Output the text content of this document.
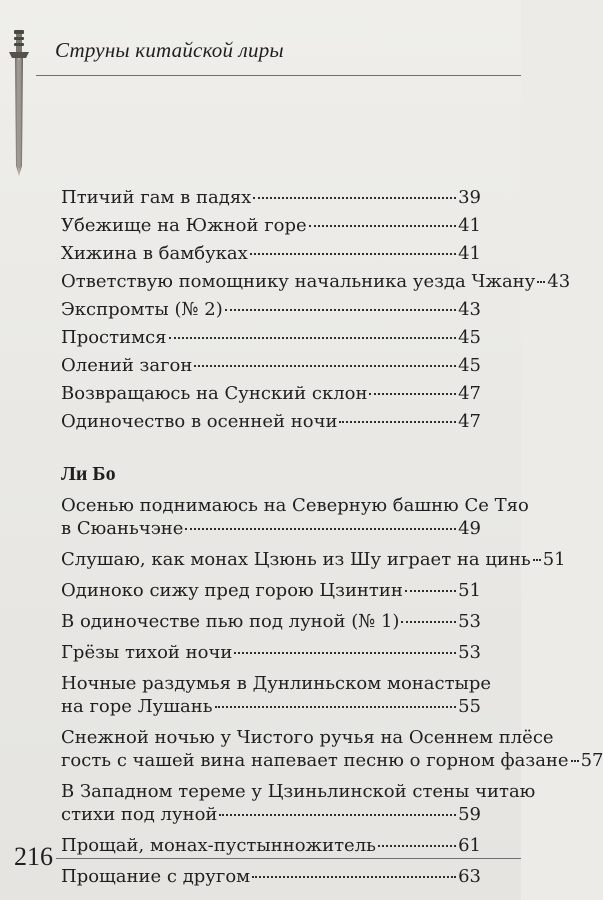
Струны китайской лиры
Птичий гам в падях	39
Убежище на Южной горе	41
Хижина в бамбуках	41
Ответствую помощнику начальника уезда Чжану 43
Экспромты (№ 2)	43
Простимся	45
Олений загон	45
Возвращаюсь на Сунский склон	47
Одиночество в осенней ночи	47
Ли Бо
Осенью поднимаюсь на Северную башню Се Тяо
в Сюаньчэне	49
Слушаю, как монах Цзюнь из Шу играет на цинь 51
Одиноко сижу пред горою Цзинтин	51
В одиночестве пью под луной (№ 1)	53
Грёзы тихой ночи	53
Ночные раздумья в Дунлиньском монастыре
на горе Лушань	55
Снежной ночью у Чистого ручья на Осеннем плёсе
гость с чашей вина напевает песню о горном фазане 57
В Западном тереме у Цзиньлинской стены читаю
стихи под луной	59
Прощай, монах-пустынножитель	61
Прощание с другом	63
216
